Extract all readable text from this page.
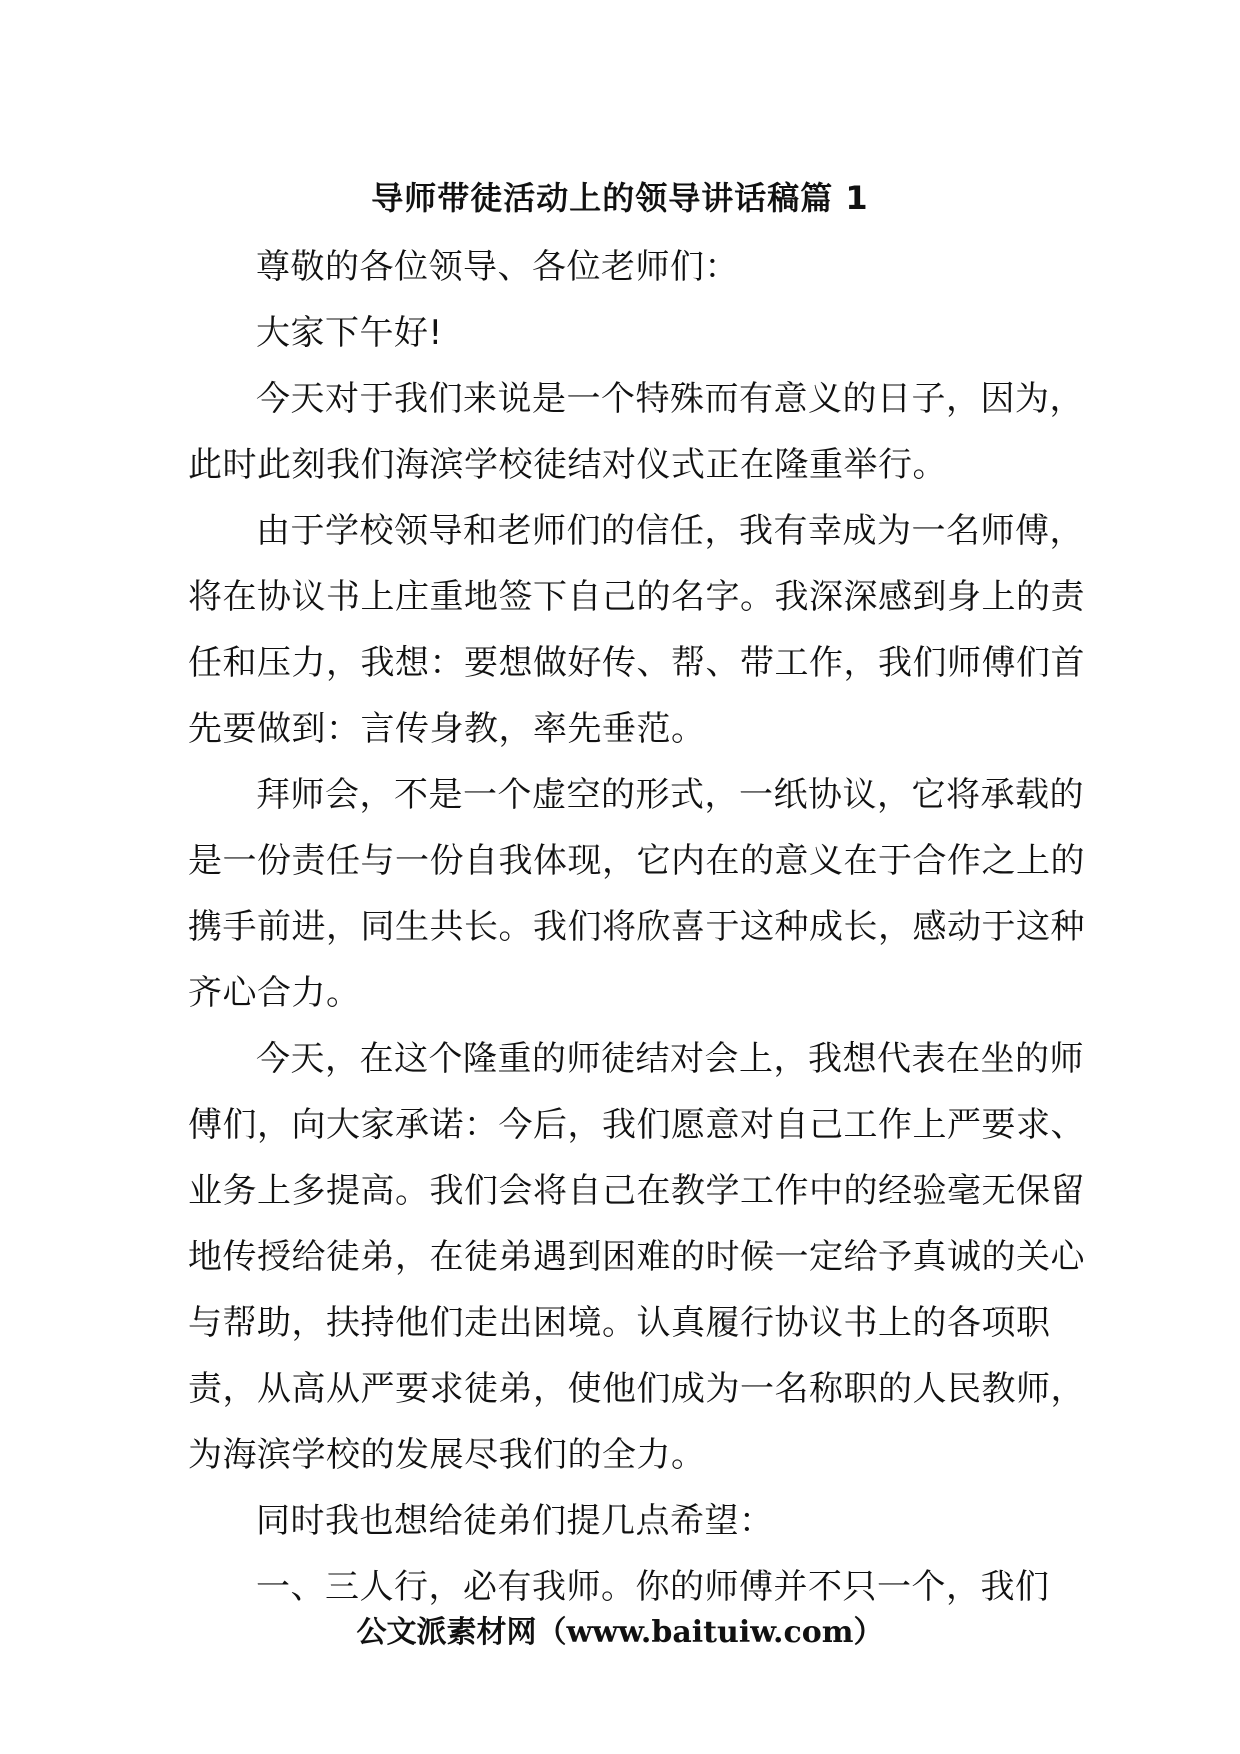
导师带徒活动上的领导讲话稿篇 1

尊敬的各位领导、各位老师们：

大家下午好!

今天对于我们来说是一个特殊而有意义的日子，因为，此时此刻我们海滨学校徒结对仪式正在隆重举行。

由于学校领导和老师们的信任，我有幸成为一名师傅，将在协议书上庄重地签下自己的名字。我深深感到身上的责任和压力，我想：要想做好传、帮、带工作，我们师傅们首先要做到：言传身教，率先垂范。

拜师会，不是一个虚空的形式，一纸协议，它将承载的是一份责任与一份自我体现，它内在的意义在于合作之上的携手前进，同生共长。我们将欣喜于这种成长，感动于这种齐心合力。

今天，在这个隆重的师徒结对会上，我想代表在坐的师傅们，向大家承诺：今后，我们愿意对自己工作上严要求、业务上多提高。我们会将自己在教学工作中的经验毫无保留地传授给徒弟，在徒弟遇到困难的时候一定给予真诚的关心与帮助，扶持他们走出困境。认真履行协议书上的各项职责，从高从严要求徒弟，使他们成为一名称职的人民教师，为海滨学校的发展尽我们的全力。

同时我也想给徒弟们提几点希望：

一、三人行，必有我师。你的师傅并不只一个，我们

公文派素材网（www.baituiw.com）
